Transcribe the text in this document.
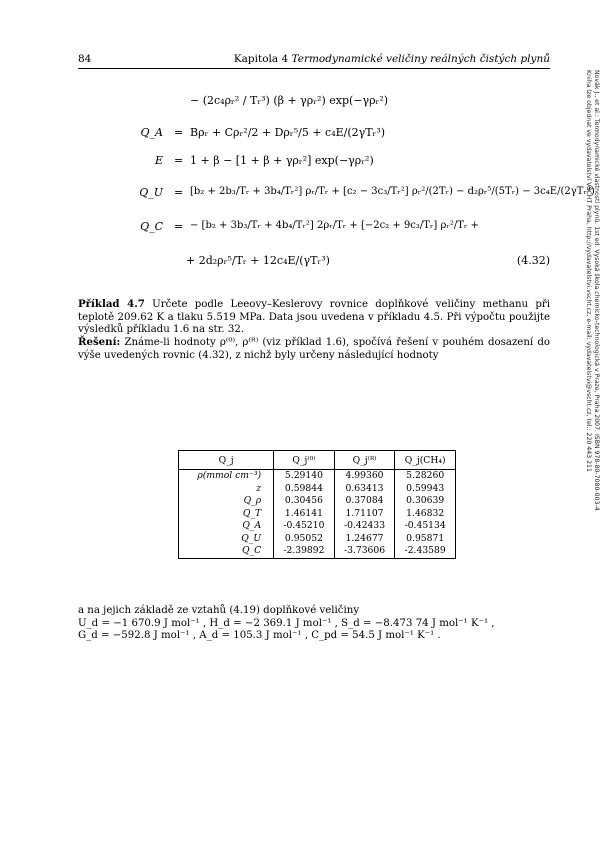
84	Kapitola 4 Termodynamické veličiny reálných čistých plynů
Novák J., et al.: Termodynamické vlastnosti plynů. 1st ed. Vysoká škola chemicko-technologická v Praze, Praha 2007. ISBN 978-80-7080-003-4
Kniha lze objednat ve vydavatelství VŠCHT Praha, http://vydavatelstvi.vscht.cz, e-mail: vydavatelstvi@vscht.cz, tel.: 220 443 211
− (2c₄ρᵣ² / Tᵣ³) (β + γρᵣ²) exp(−γρᵣ²)
Q_A = Bρᵣ + Cρᵣ²/2 + Dρᵣ⁵/5 + c₄E/(2γTᵣ³)
E = 1 + β − [1 + β + γρᵣ²] exp(−γρᵣ²)
Q_U = [b₂ + 2b₃/Tᵣ + 3b₄/Tᵣ²] ρᵣ/Tᵣ + [c₂ − 3c₃/Tᵣ²] ρᵣ²/(2Tᵣ) − d₂ρᵣ⁵/(5Tᵣ) − 3c₄E/(2γTᵣ³)
Q_C = − [b₂ + 3b₃/Tᵣ + 4b₄/Tᵣ²] 2ρᵣ/Tᵣ + [−2c₂ + 9c₃/Tᵣ] ρᵣ²/Tᵣ +
+ 2d₂ρᵣ⁵/Tᵣ + 12c₄E/(γTᵣ³)	(4.32)
Příklad 4.7 Určete podle Leeovy–Keslerovy rovnice doplňkové veličiny methanu při teplotě 209.62 K a tlaku 5.519 MPa. Data jsou uvedena v příkladu 4.5. Při výpočtu použijte výsledků příkladu 1.6 na str. 32.
Řešení: Známe-li hodnoty ρ⁽⁰⁾, ρ⁽ᴿ⁾ (viz příklad 1.6), spočívá řešení v pouhém dosazení do výše uvedených rovnic (4.32), z nichž byly určeny následující hodnoty
Q_j	Q_j⁽⁰⁾	Q_j⁽ᴿ⁾	Q_j(CH₄)
ρ(mmol cm⁻³)	5.29140	4.99360	5.28260
z	0.59844	0.63413	0.59943
Q_ρ	0.30456	0.37084	0.30639
Q_T	1.46141	1.71107	1.46832
Q_A	-0.45210	-0.42433	-0.45134
Q_U	0.95052	1.24677	0.95871
Q_C	-2.39892	-3.73606	-2.43589
a na jejich základě ze vztahů (4.19) doplňkové veličiny
U_d = −1 670.9 J mol⁻¹ , H_d = −2 369.1 J mol⁻¹ , S_d = −8.473 74 J mol⁻¹ K⁻¹ ,
G_d = −592.8 J mol⁻¹ , A_d = 105.3 J mol⁻¹ , C_pd = 54.5 J mol⁻¹ K⁻¹ .
